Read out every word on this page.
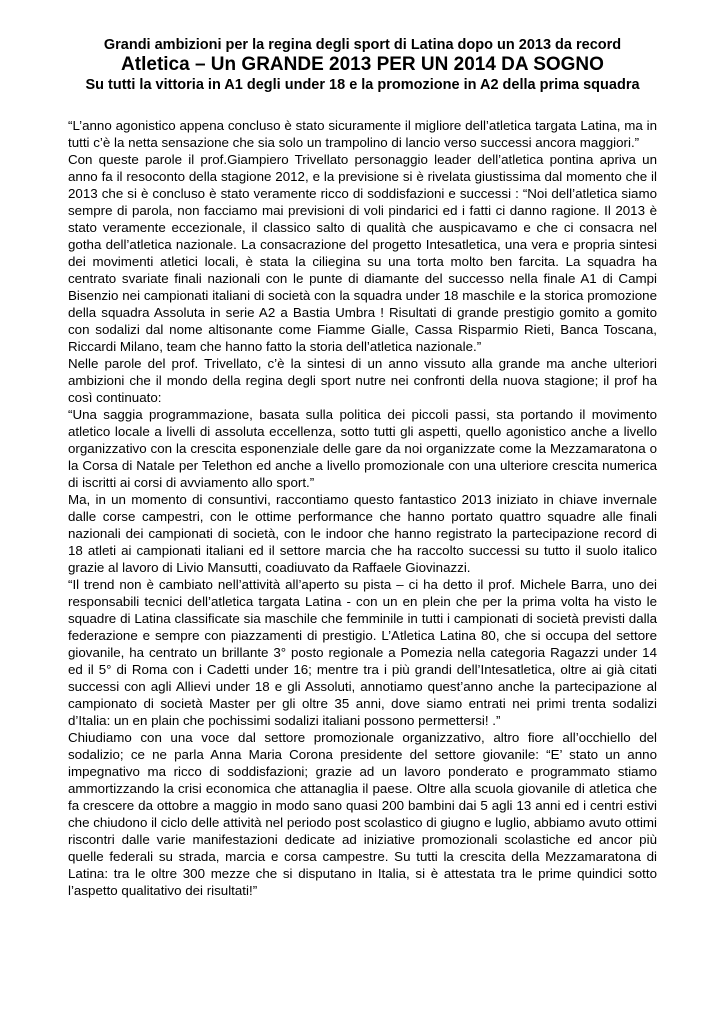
Grandi ambizioni per la regina degli sport di Latina dopo un 2013 da record
Atletica – Un GRANDE 2013 PER UN 2014 DA SOGNO
Su tutti la vittoria in A1 degli under 18 e la promozione in A2 della prima squadra

“L’anno agonistico appena concluso è stato sicuramente il migliore dell’atletica targata Latina, ma in tutti c’è la netta sensazione che sia solo un trampolino di lancio verso successi ancora maggiori.”

Con queste parole il prof.Giampiero Trivellato personaggio leader dell’atletica pontina apriva un anno fa il resoconto della stagione 2012, e la previsione si è rivelata giustissima dal momento che il 2013 che si è concluso è stato veramente ricco di soddisfazioni e successi : “Noi dell’atletica siamo sempre di parola, non facciamo mai previsioni di voli pindarici ed i fatti ci danno ragione. Il 2013 è stato veramente eccezionale, il classico salto di qualità che auspicavamo e che ci consacra nel gotha dell’atletica nazionale. La consacrazione del progetto Intesatletica, una vera e propria sintesi dei movimenti atletici locali, è stata la ciliegina su una torta molto ben farcita. La squadra ha centrato svariate finali nazionali con le punte di diamante del successo nella finale A1 di Campi Bisenzio nei campionati italiani di società con la squadra under 18 maschile e la storica promozione della squadra Assoluta in serie A2 a Bastia Umbra ! Risultati di grande prestigio gomito a gomito con sodalizi dal nome altisonante come Fiamme Gialle, Cassa Risparmio Rieti, Banca Toscana, Riccardi Milano, team che hanno fatto la storia dell’atletica nazionale.”

Nelle parole del prof. Trivellato, c’è la sintesi di un anno vissuto alla grande ma anche ulteriori ambizioni che il mondo della regina degli sport nutre nei confronti della nuova stagione; il prof ha così continuato:

“Una saggia programmazione, basata sulla politica dei piccoli passi, sta portando il movimento atletico locale a livelli di assoluta eccellenza, sotto tutti gli aspetti, quello agonistico anche a livello organizzativo con la crescita esponenziale delle gare da noi organizzate come la Mezzamaratona o la Corsa di Natale per Telethon ed anche a livello promozionale con una ulteriore crescita numerica di iscritti ai corsi di avviamento allo sport.”

Ma, in un momento di consuntivi, raccontiamo questo fantastico 2013 iniziato in chiave invernale dalle corse campestri, con le ottime performance che hanno portato quattro squadre alle finali nazionali dei campionati di società, con le indoor che hanno registrato la partecipazione record di 18 atleti ai campionati italiani ed il settore marcia che ha raccolto successi su tutto il suolo italico grazie al lavoro di Livio Mansutti, coadiuvato da Raffaele Giovinazzi.

“Il trend non è cambiato nell’attività all’aperto su pista – ci ha detto il prof. Michele Barra, uno dei responsabili tecnici dell’atletica targata Latina - con un en plein che per la prima volta ha visto le squadre di Latina classificate sia maschile che femminile in tutti i campionati di società previsti dalla federazione e sempre con piazzamenti di prestigio. L’Atletica Latina 80, che si occupa del settore giovanile, ha centrato un brillante 3° posto regionale a Pomezia nella categoria Ragazzi under 14 ed il 5° di Roma con i Cadetti under 16; mentre tra i più grandi dell’Intesatletica, oltre ai già citati successi con agli Allievi under 18 e gli Assoluti, annotiamo quest’anno anche la partecipazione al campionato di società Master per gli oltre 35 anni, dove siamo entrati nei primi trenta sodalizi d’Italia: un en plain che pochissimi sodalizi italiani possono permettersi! .”

Chiudiamo con una voce dal settore promozionale organizzativo, altro fiore all’occhiello del sodalizio; ce ne parla Anna Maria Corona presidente del settore giovanile: “E’ stato un anno impegnativo ma ricco di soddisfazioni; grazie ad un lavoro ponderato e programmato stiamo ammortizzando la crisi economica che attanaglia il paese. Oltre alla scuola giovanile di atletica che fa crescere da ottobre a maggio in modo sano quasi 200 bambini dai 5 agli 13 anni ed i centri estivi che chiudono il ciclo delle attività nel periodo post scolastico di giugno e luglio, abbiamo avuto ottimi riscontri dalle varie manifestazioni dedicate ad iniziative promozionali scolastiche ed ancor più quelle federali su strada, marcia e corsa campestre. Su tutti la crescita della Mezzamaratona di Latina: tra le oltre 300 mezze che si disputano in Italia, si è attestata tra le prime quindici sotto l’aspetto qualitativo dei risultati!”
